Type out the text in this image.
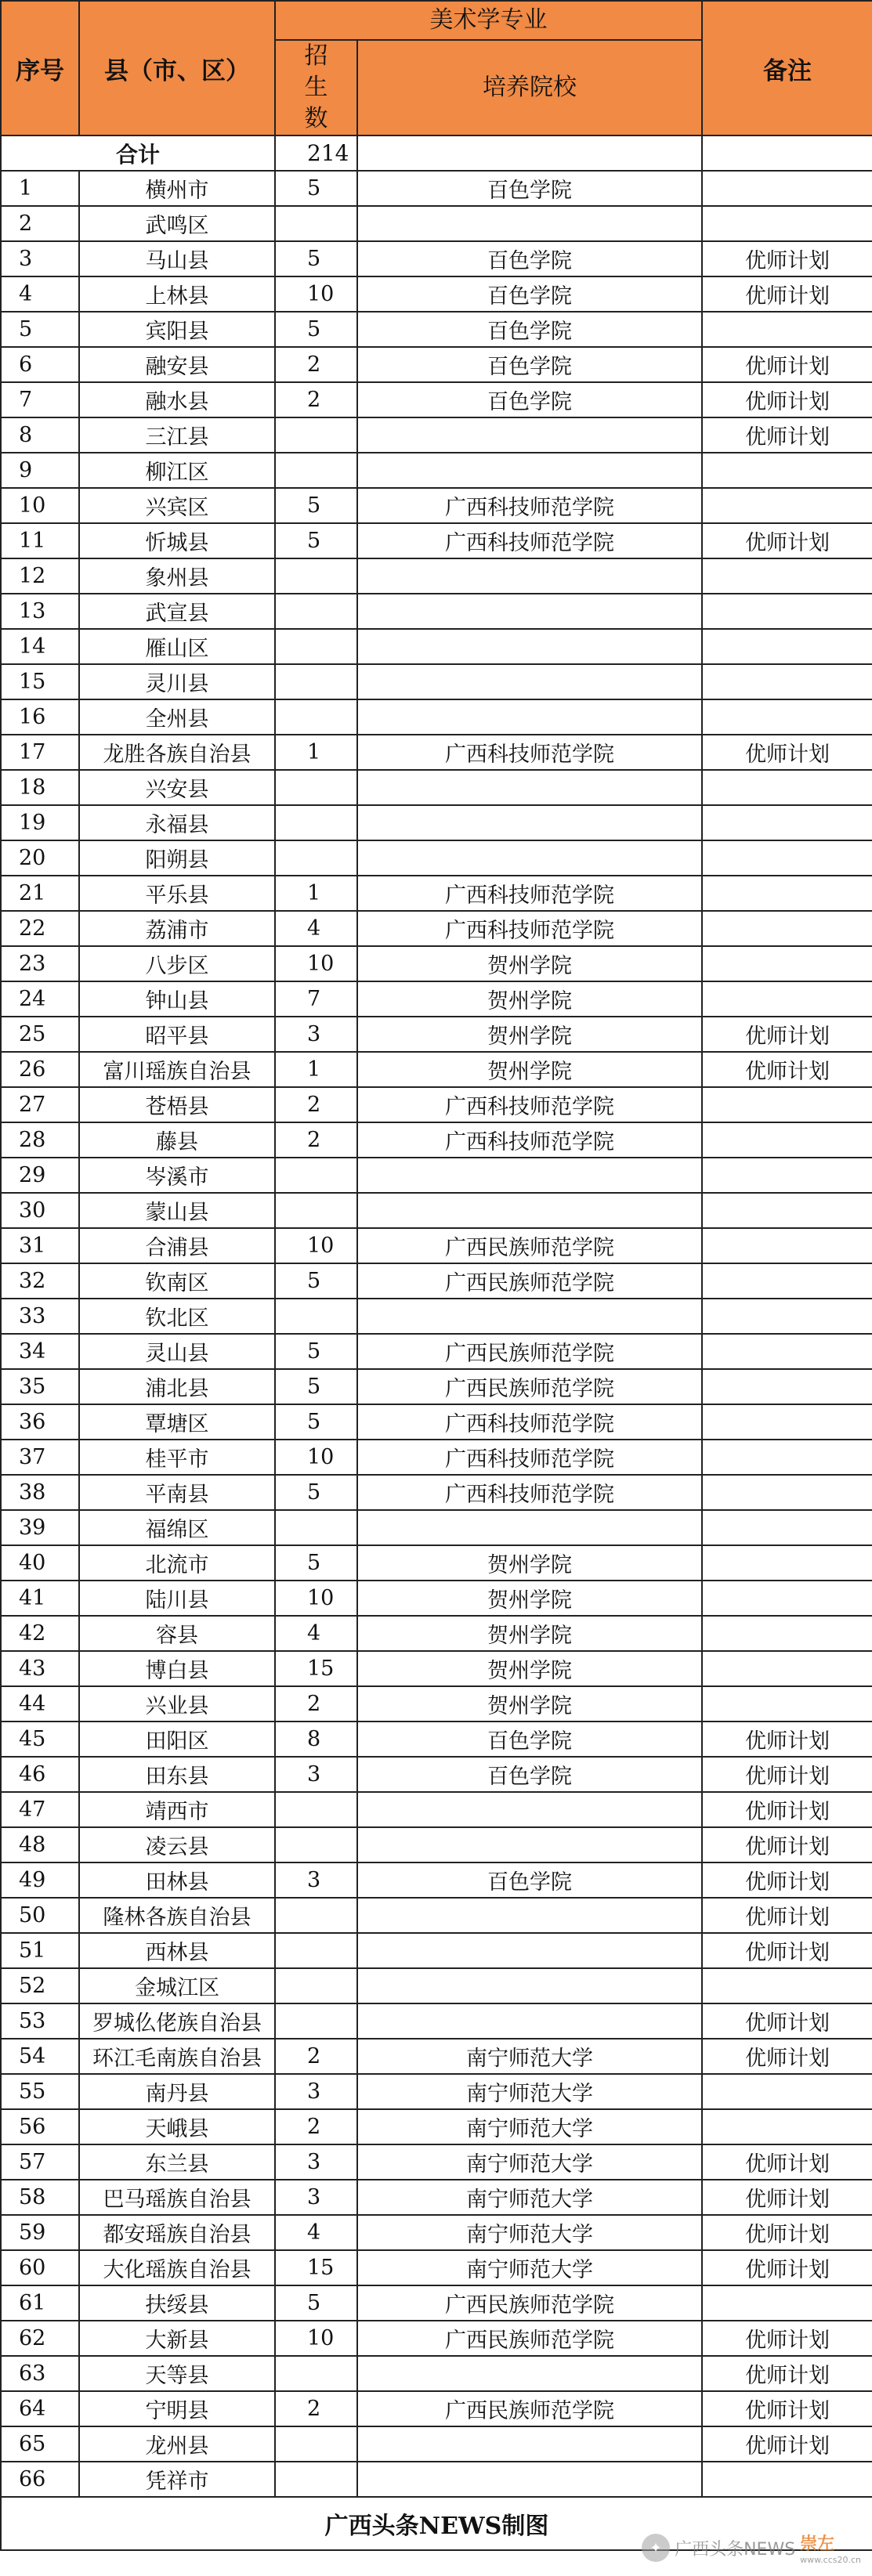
序号	县（市、区）	美术学专业		备注
		招生数	培养院校	
合计		214		
1	横州市	5	百色学院	
2	武鸣区			
3	马山县	5	百色学院	优师计划
4	上林县	10	百色学院	优师计划
5	宾阳县	5	百色学院	
6	融安县	2	百色学院	优师计划
7	融水县	2	百色学院	优师计划
8	三江县			优师计划
9	柳江区			
10	兴宾区	5	广西科技师范学院	
11	忻城县	5	广西科技师范学院	优师计划
12	象州县			
13	武宣县			
14	雁山区			
15	灵川县			
16	全州县			
17	龙胜各族自治县	1	广西科技师范学院	优师计划
18	兴安县			
19	永福县			
20	阳朔县			
21	平乐县	1	广西科技师范学院	
22	荔浦市	4	广西科技师范学院	
23	八步区	10	贺州学院	
24	钟山县	7	贺州学院	
25	昭平县	3	贺州学院	优师计划
26	富川瑶族自治县	1	贺州学院	优师计划
27	苍梧县	2	广西科技师范学院	
28	藤县	2	广西科技师范学院	
29	岑溪市			
30	蒙山县			
31	合浦县	10	广西民族师范学院	
32	钦南区	5	广西民族师范学院	
33	钦北区			
34	灵山县	5	广西民族师范学院	
35	浦北县	5	广西民族师范学院	
36	覃塘区	5	广西科技师范学院	
37	桂平市	10	广西科技师范学院	
38	平南县	5	广西科技师范学院	
39	福绵区			
40	北流市	5	贺州学院	
41	陆川县	10	贺州学院	
42	容县	4	贺州学院	
43	博白县	15	贺州学院	
44	兴业县	2	贺州学院	
45	田阳区	8	百色学院	优师计划
46	田东县	3	百色学院	优师计划
47	靖西市			优师计划
48	凌云县			优师计划
49	田林县	3	百色学院	优师计划
50	隆林各族自治县			优师计划
51	西林县			优师计划
52	金城江区			
53	罗城仫佬族自治县			优师计划
54	环江毛南族自治县	2	南宁师范大学	优师计划
55	南丹县	3	南宁师范大学	
56	天峨县	2	南宁师范大学	
57	东兰县	3	南宁师范大学	优师计划
58	巴马瑶族自治县	3	南宁师范大学	优师计划
59	都安瑶族自治县	4	南宁师范大学	优师计划
60	大化瑶族自治县	15	南宁师范大学	优师计划
61	扶绥县	5	广西民族师范学院	
62	大新县	10	广西民族师范学院	优师计划
63	天等县			优师计划
64	宁明县	2	广西民族师范学院	优师计划
65	龙州县			优师计划
66	凭祥市			
广西头条NEWS制图				
✦ 广西头条NEWS 崇左
www.ccs20.cn
